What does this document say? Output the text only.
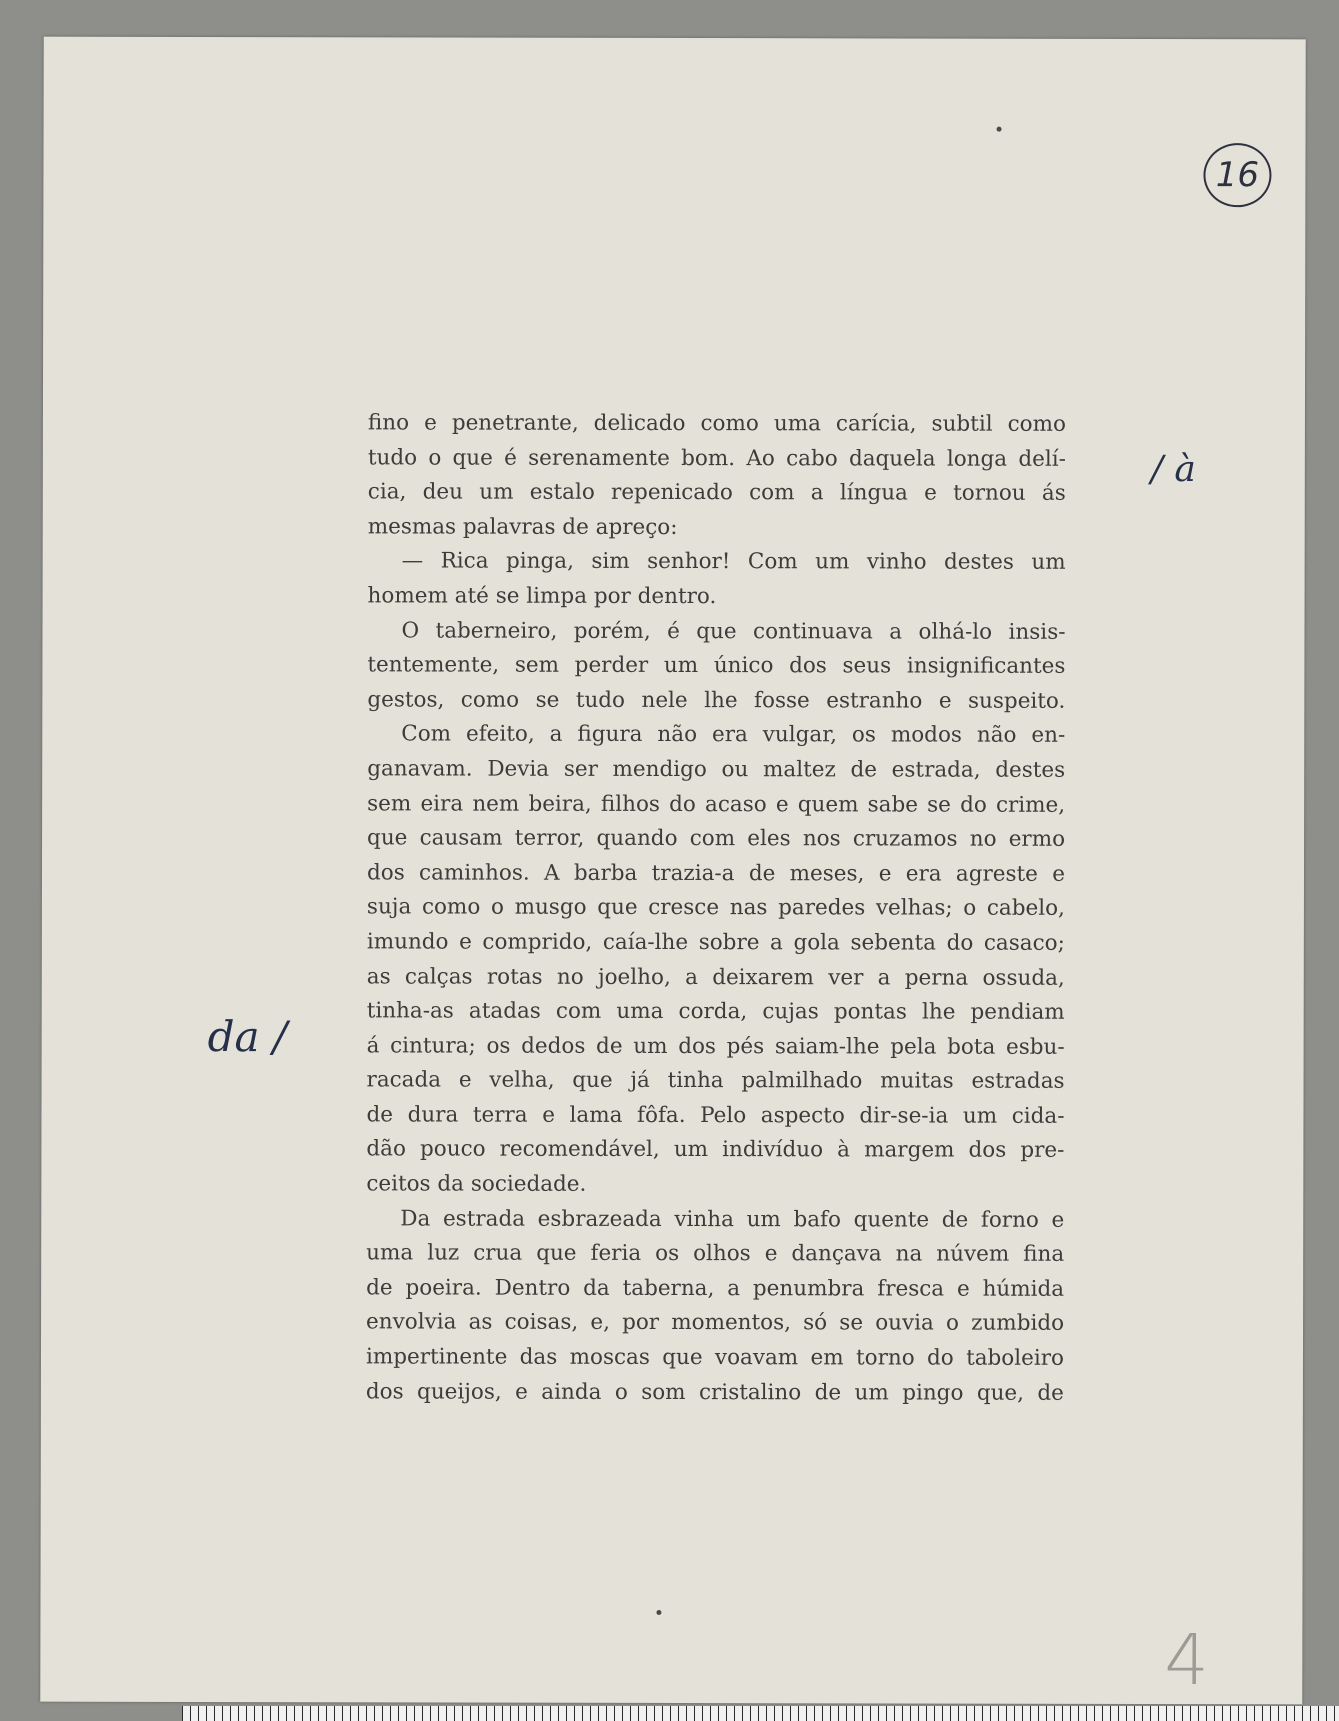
16
/ à
da /
4
fino e penetrante, delicado como uma carícia, subtil como
tudo o que é serenamente bom. Ao cabo daquela longa delí-
cia, deu um estalo repenicado com a língua e tornou ás
mesmas palavras de apreço:
— Rica pinga, sim senhor! Com um vinho destes um
homem até se limpa por dentro.
O taberneiro, porém, é que continuava a olhá-lo insis-
tentemente, sem perder um único dos seus insignificantes
gestos, como se tudo nele lhe fosse estranho e suspeito.
Com efeito, a figura não era vulgar, os modos não en-
ganavam. Devia ser mendigo ou maltez de estrada, destes
sem eira nem beira, filhos do acaso e quem sabe se do crime,
que causam terror, quando com eles nos cruzamos no ermo
dos caminhos. A barba trazia-a de meses, e era agreste e
suja como o musgo que cresce nas paredes velhas; o cabelo,
imundo e comprido, caía-lhe sobre a gola sebenta do casaco;
as calças rotas no joelho, a deixarem ver a perna ossuda,
tinha-as atadas com uma corda, cujas pontas lhe pendiam
á cintura; os dedos de um dos pés saiam-lhe pela bota esbu-
racada e velha, que já tinha palmilhado muitas estradas
de dura terra e lama fôfa. Pelo aspecto dir-se-ia um cida-
dão pouco recomendável, um indivíduo à margem dos pre-
ceitos da sociedade.
Da estrada esbrazeada vinha um bafo quente de forno e
uma luz crua que feria os olhos e dançava na núvem fina
de poeira. Dentro da taberna, a penumbra fresca e húmida
envolvia as coisas, e, por momentos, só se ouvia o zumbido
impertinente das moscas que voavam em torno do taboleiro
dos queijos, e ainda o som cristalino de um pingo que, de
